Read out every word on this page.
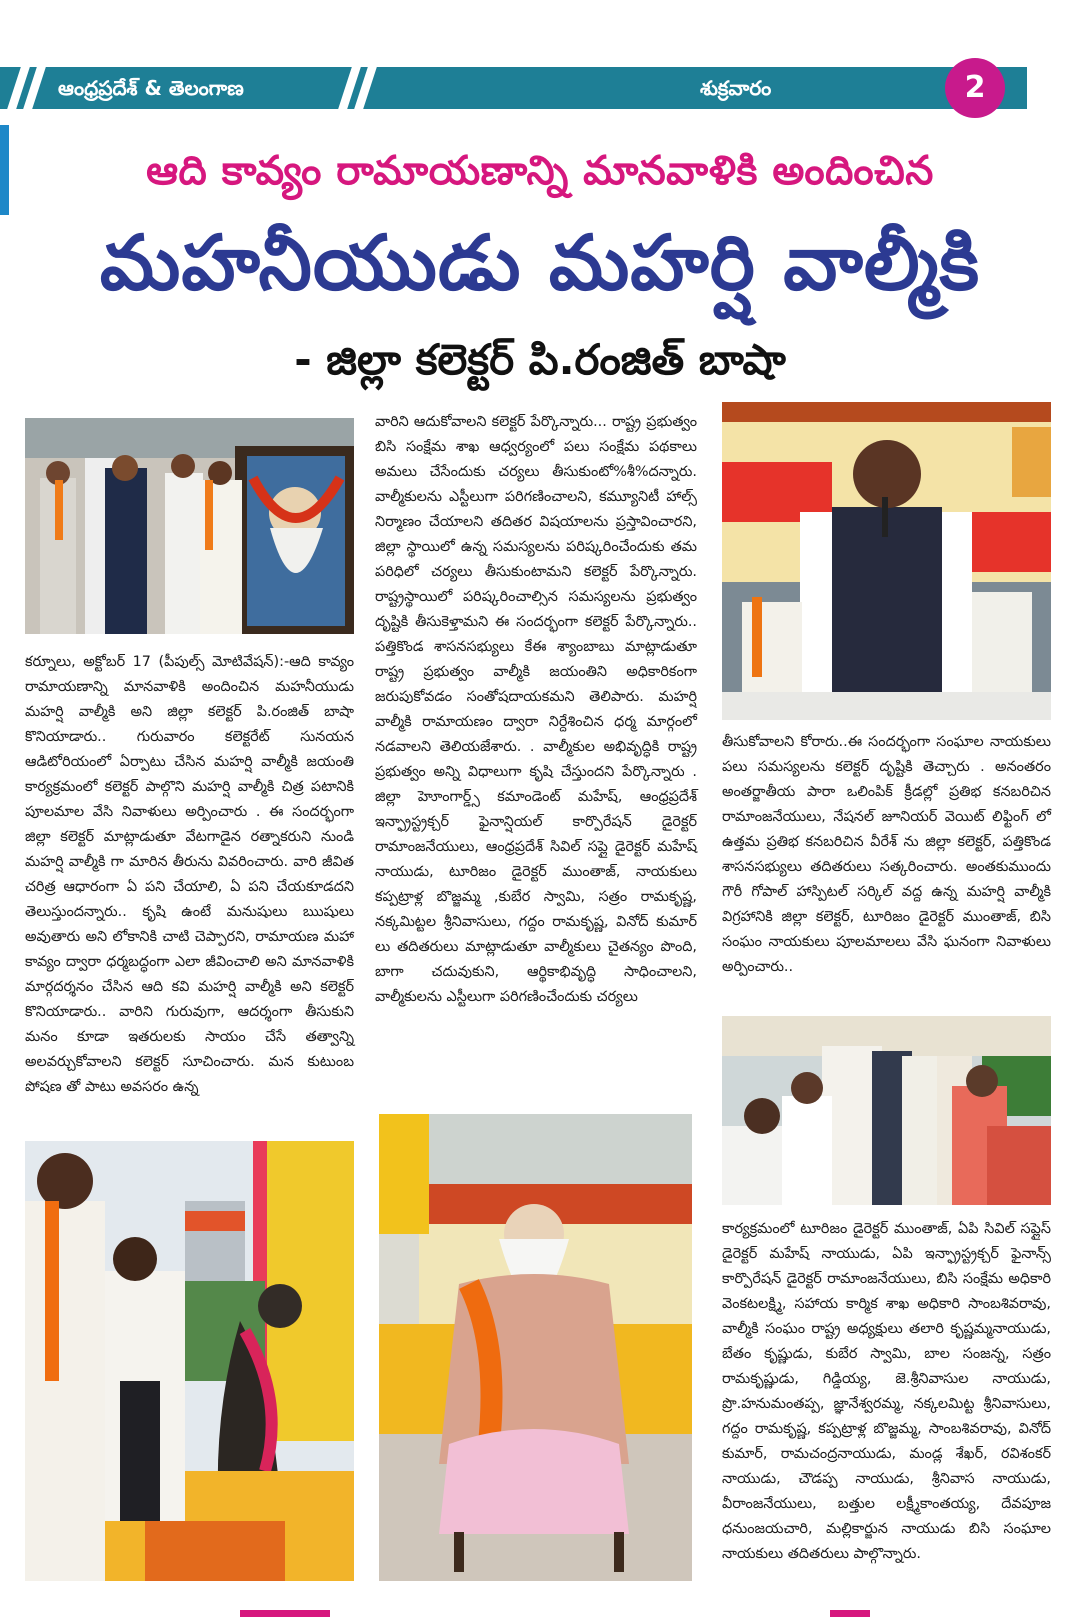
ఆంధ్రప్రదేశ్ & తెలంగాణ	శుక్రవారం	2
ఆది కావ్యం రామాయణాన్ని మానవాళికి అందించిన
మహనీయుడు మహర్షి వాల్మీకి
- జిల్లా కలెక్టర్ పి.రంజిత్ బాషా

కర్నూలు, అక్టోబర్ 17 (పీపుల్స్ మోటివేషన్):-ఆది కావ్యం రామాయణాన్ని మానవాళికి అందించిన మహనీయుడు మహర్షి వాల్మీకి అని జిల్లా కలెక్టర్ పి.రంజిత్ బాషా కొనియాడారు.. గురువారం కలెక్టరేట్ సునయన ఆడిటోరియంలో ఏర్పాటు చేసిన మహర్షి వాల్మీకి జయంతి కార్యక్రమంలో కలెక్టర్ పాల్గొని మహర్షి వాల్మీకి చిత్ర పటానికి పూలమాల వేసి నివాళులు అర్పించారు . ఈ సందర్భంగా జిల్లా కలెక్టర్ మాట్లాడుతూ వేటగాడైన రత్నాకరుని నుండి మహర్షి వాల్మీకి గా మారిన తీరును వివరించారు. వారి జీవిత చరిత్ర ఆధారంగా ఏ పని చేయాలి, ఏ పని చేయకూడదని తెలుస్తుందన్నారు.. కృషి ఉంటే మనుషులు ఋషులు అవుతారు అని లోకానికి చాటి చెప్పారని, రామాయణ మహా కావ్యం ద్వారా ధర్మబద్ధంగా ఎలా జీవించాలి అని మానవాళికి మార్గదర్శనం చేసిన ఆది కవి మహర్షి వాల్మీకి అని కలెక్టర్ కొనియాడారు.. వారిని గురువుగా, ఆదర్శంగా తీసుకుని మనం కూడా ఇతరులకు సాయం చేసే తత్వాన్ని అలవర్చుకోవాలని కలెక్టర్ సూచించారు. మన కుటుంబ పోషణ తో పాటు అవసరం ఉన్న

వారిని ఆదుకోవాలని కలెక్టర్ పేర్కొన్నారు... రాష్ట్ర ప్రభుత్వం బిసి సంక్షేమ శాఖ ఆధ్వర్యంలో పలు సంక్షేమ పథకాలు అమలు చేసేందుకు చర్యలు తీసుకుంటో%శీ%దన్నారు. వాల్మీకులను ఎస్టీలుగా పరిగణించాలని, కమ్యూనిటీ హాల్స్ నిర్మాణం చేయాలని తదితర విషయాలను ప్రస్తావించారని, జిల్లా స్థాయిలో ఉన్న సమస్యలను పరిష్కరించేందుకు తమ పరిధిలో చర్యలు తీసుకుంటామని కలెక్టర్ పేర్కొన్నారు. రాష్ట్రస్థాయిలో పరిష్కరించాల్సిన సమస్యలను ప్రభుత్వం దృష్టికి తీసుకెళ్తామని ఈ సందర్భంగా కలెక్టర్ పేర్కొన్నారు.. పత్తికొండ శాసనసభ్యులు కేఈ శ్యాంబాబు మాట్లాడుతూ రాష్ట్ర ప్రభుత్వం వాల్మీకి జయంతిని అధికారికంగా జరుపుకోవడం సంతోషదాయకమని తెలిపారు. మహర్షి వాల్మీకి రామాయణం ద్వారా నిర్దేశించిన ధర్మ మార్గంలో నడవాలని తెలియజేశారు. . వాల్మీకుల అభివృద్ధికి రాష్ట్ర ప్రభుత్వం అన్ని విధాలుగా కృషి చేస్తుందని పేర్కొన్నారు . జిల్లా హెూంగార్డ్స్ కమాండెంట్ మహేష్, ఆంధ్రప్రదేశ్ ఇన్ఫ్రాస్ట్రక్చర్ ఫైనాన్షియల్ కార్పొరేషన్ డైరెక్టర్ రామాంజనేయులు, ఆంధ్రప్రదేశ్ సివిల్ సప్లై డైరెక్టర్ మహేష్ నాయుడు, టూరిజం డైరెక్టర్ ముంతాజ్, నాయకులు కప్పట్రాళ్ల బొజ్జమ్మ ,కుబేర స్వామి, సత్రం రామకృష్ణ, నక్కమిట్టల శ్రీనివాసులు, గద్దం రామకృష్ణ, వినోద్ కుమార్ లు తదితరులు మాట్లాడుతూ వాల్మీకులు చైతన్యం పొంది, బాగా చదువుకుని, ఆర్థికాభివృద్ధి సాధించాలని, వాల్మీకులను ఎస్టీలుగా పరిగణించేందుకు చర్యలు

తీసుకోవాలని కోరారు..ఈ సందర్భంగా సంఘాల నాయకులు పలు సమస్యలను కలెక్టర్ దృష్టికి తెచ్చారు . అనంతరం అంతర్జాతీయ పారా ఒలింపిక్ క్రీడల్లో ప్రతిభ కనబరిచిన రామాంజనేయులు, నేషనల్ జూనియర్ వెయిట్ లిఫ్టింగ్ లో ఉత్తమ ప్రతిభ కనబరిచిన వీరేశ్ ను జిల్లా కలెక్టర్, పత్తికొండ శాసనసభ్యులు తదితరులు సత్కరించారు. అంతకుముందు గౌరీ గోపాల్ హాస్పిటల్ సర్కిల్ వద్ద ఉన్న మహర్షి వాల్మీకి విగ్రహానికి జిల్లా కలెక్టర్, టూరిజం డైరెక్టర్ ముంతాజ్, బిసి సంఘం నాయకులు పూలమాలలు వేసి ఘనంగా నివాళులు అర్పించారు..

కార్యక్రమంలో టూరిజం డైరెక్టర్ ముంతాజ్, ఏపి సివిల్ సప్లైస్ డైరెక్టర్ మహేష్ నాయుడు, ఏపి ఇన్ఫ్రాస్ట్రక్చర్ ఫైనాన్స్ కార్పొరేషన్ డైరెక్టర్ రామాంజనేయులు, బిసి సంక్షేమ అధికారి వెంకటలక్ష్మి, సహాయ కార్మిక శాఖ అధికారి సాంబశివరావు, వాల్మీకి సంఘం రాష్ట్ర అధ్యక్షులు తలారి కృష్ణమ్మనాయుడు, బేతం కృష్ణుడు, కుబేర స్వామి, బాల సంజన్న, సత్రం రామకృష్ణుడు, గిడ్డియ్య, జె.శ్రీనివాసుల నాయుడు, ప్రొ.హనుమంతప్ప, జ్ఞానేశ్వరమ్మ, నక్కలమిట్ట శ్రీనివాసులు, గద్దం రామకృష్ణ, కప్పట్రాళ్ల బొజ్జమ్మ, సాంబశివరావు, వినోద్ కుమార్, రామచంద్రనాయుడు, మండ్ల శేఖర్, రవిశంకర్ నాయుడు, చౌడప్ప నాయుడు, శ్రీనివాస నాయుడు, వీరాంజనేయులు, బత్తుల లక్ష్మీకాంతయ్య, దేవపూజ ధనుంజయచారి, మల్లికార్జున నాయుడు బిసి సంఘాల నాయకులు తదితరులు పాల్గొన్నారు.
